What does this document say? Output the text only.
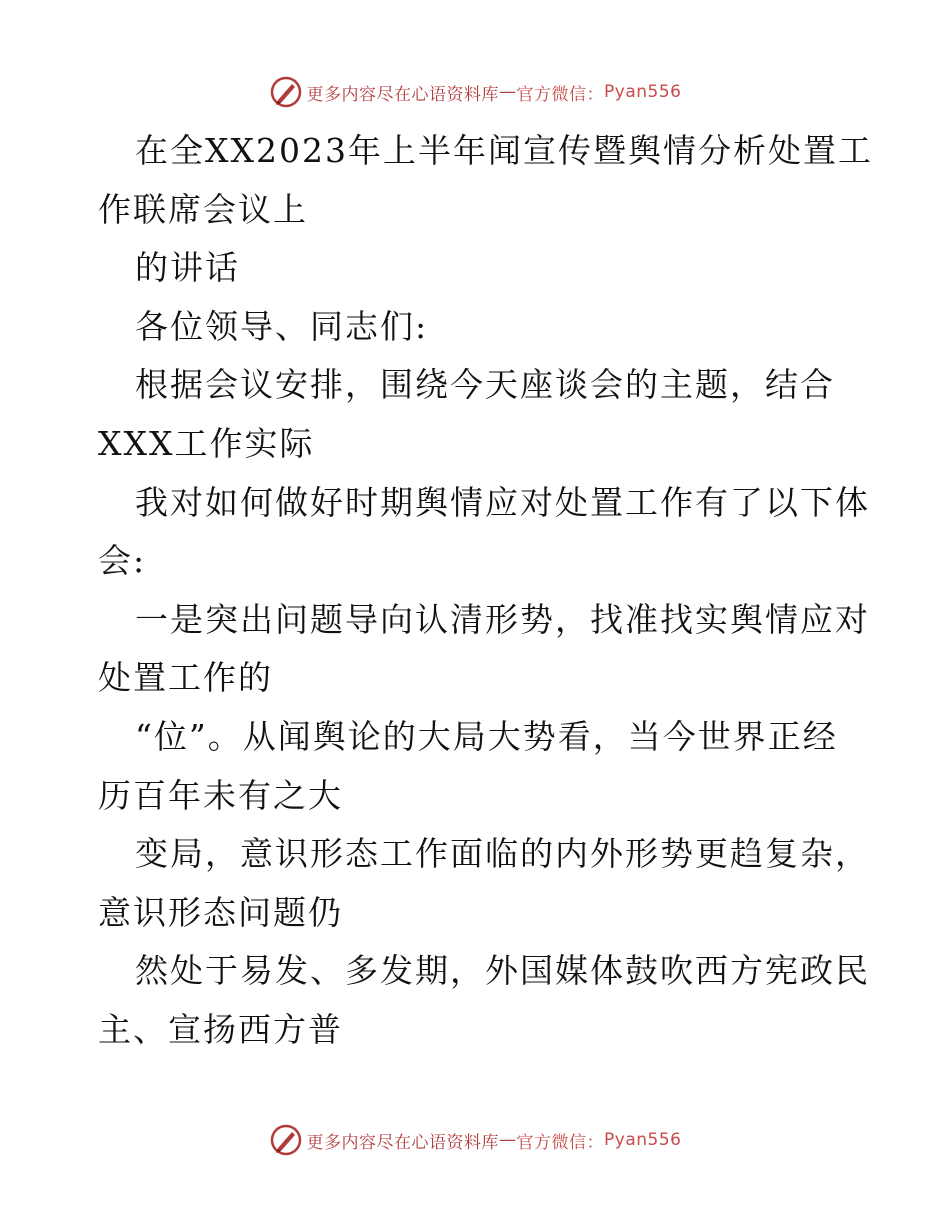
更多内容尽在心语资料库 — 官方微信： Pyan556

在全XX2023年上半年闻宣传暨舆情分析处置工

作联席会议上

的讲话

各位领导、同志们:

根据会议安排，围绕今天座谈会的主题，结合

XXX工作实际

我对如何做好时期舆情应对处置工作有了以下体

会:

一是突出问题导向认清形势，找准找实舆情应对

处置工作的

“位”。从闻舆论的大局大势看，当今世界正经

历百年未有之大

变局，意识形态工作面临的内外形势更趋复杂，

意识形态问题仍

然处于易发、多发期，外国媒体鼓吹西方宪政民

主、宣扬西方普

更多内容尽在心语资料库 — 官方微信： Pyan556
